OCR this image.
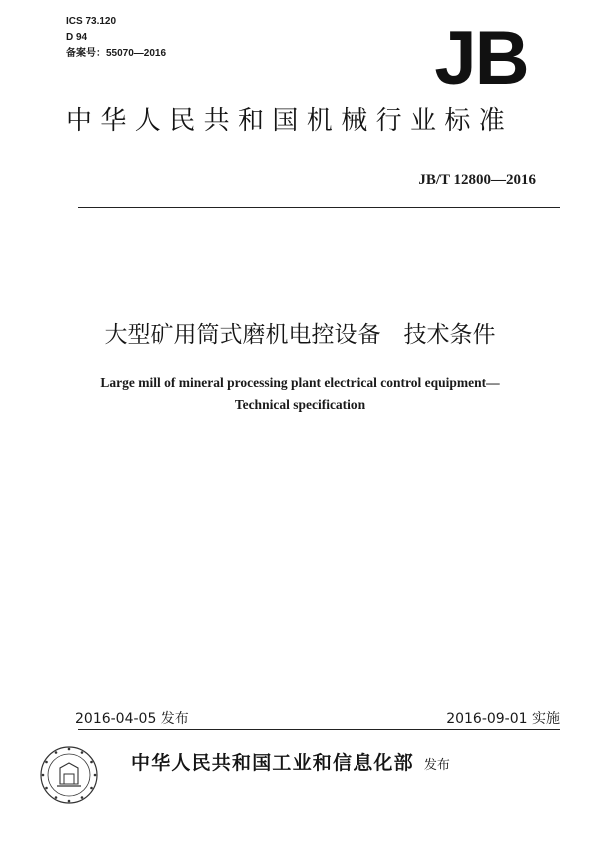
ICS 73.120
D 94
备案号：55070—2016	JB
中华人民共和国机械行业标准
JB/T 12800—2016
大型矿用筒式磨机电控设备　技术条件
Large mill of mineral processing plant electrical control equipment—
Technical specification
2016-04-05 发布	2016-09-01 实施
中华人民共和国工业和信息化部 发布
